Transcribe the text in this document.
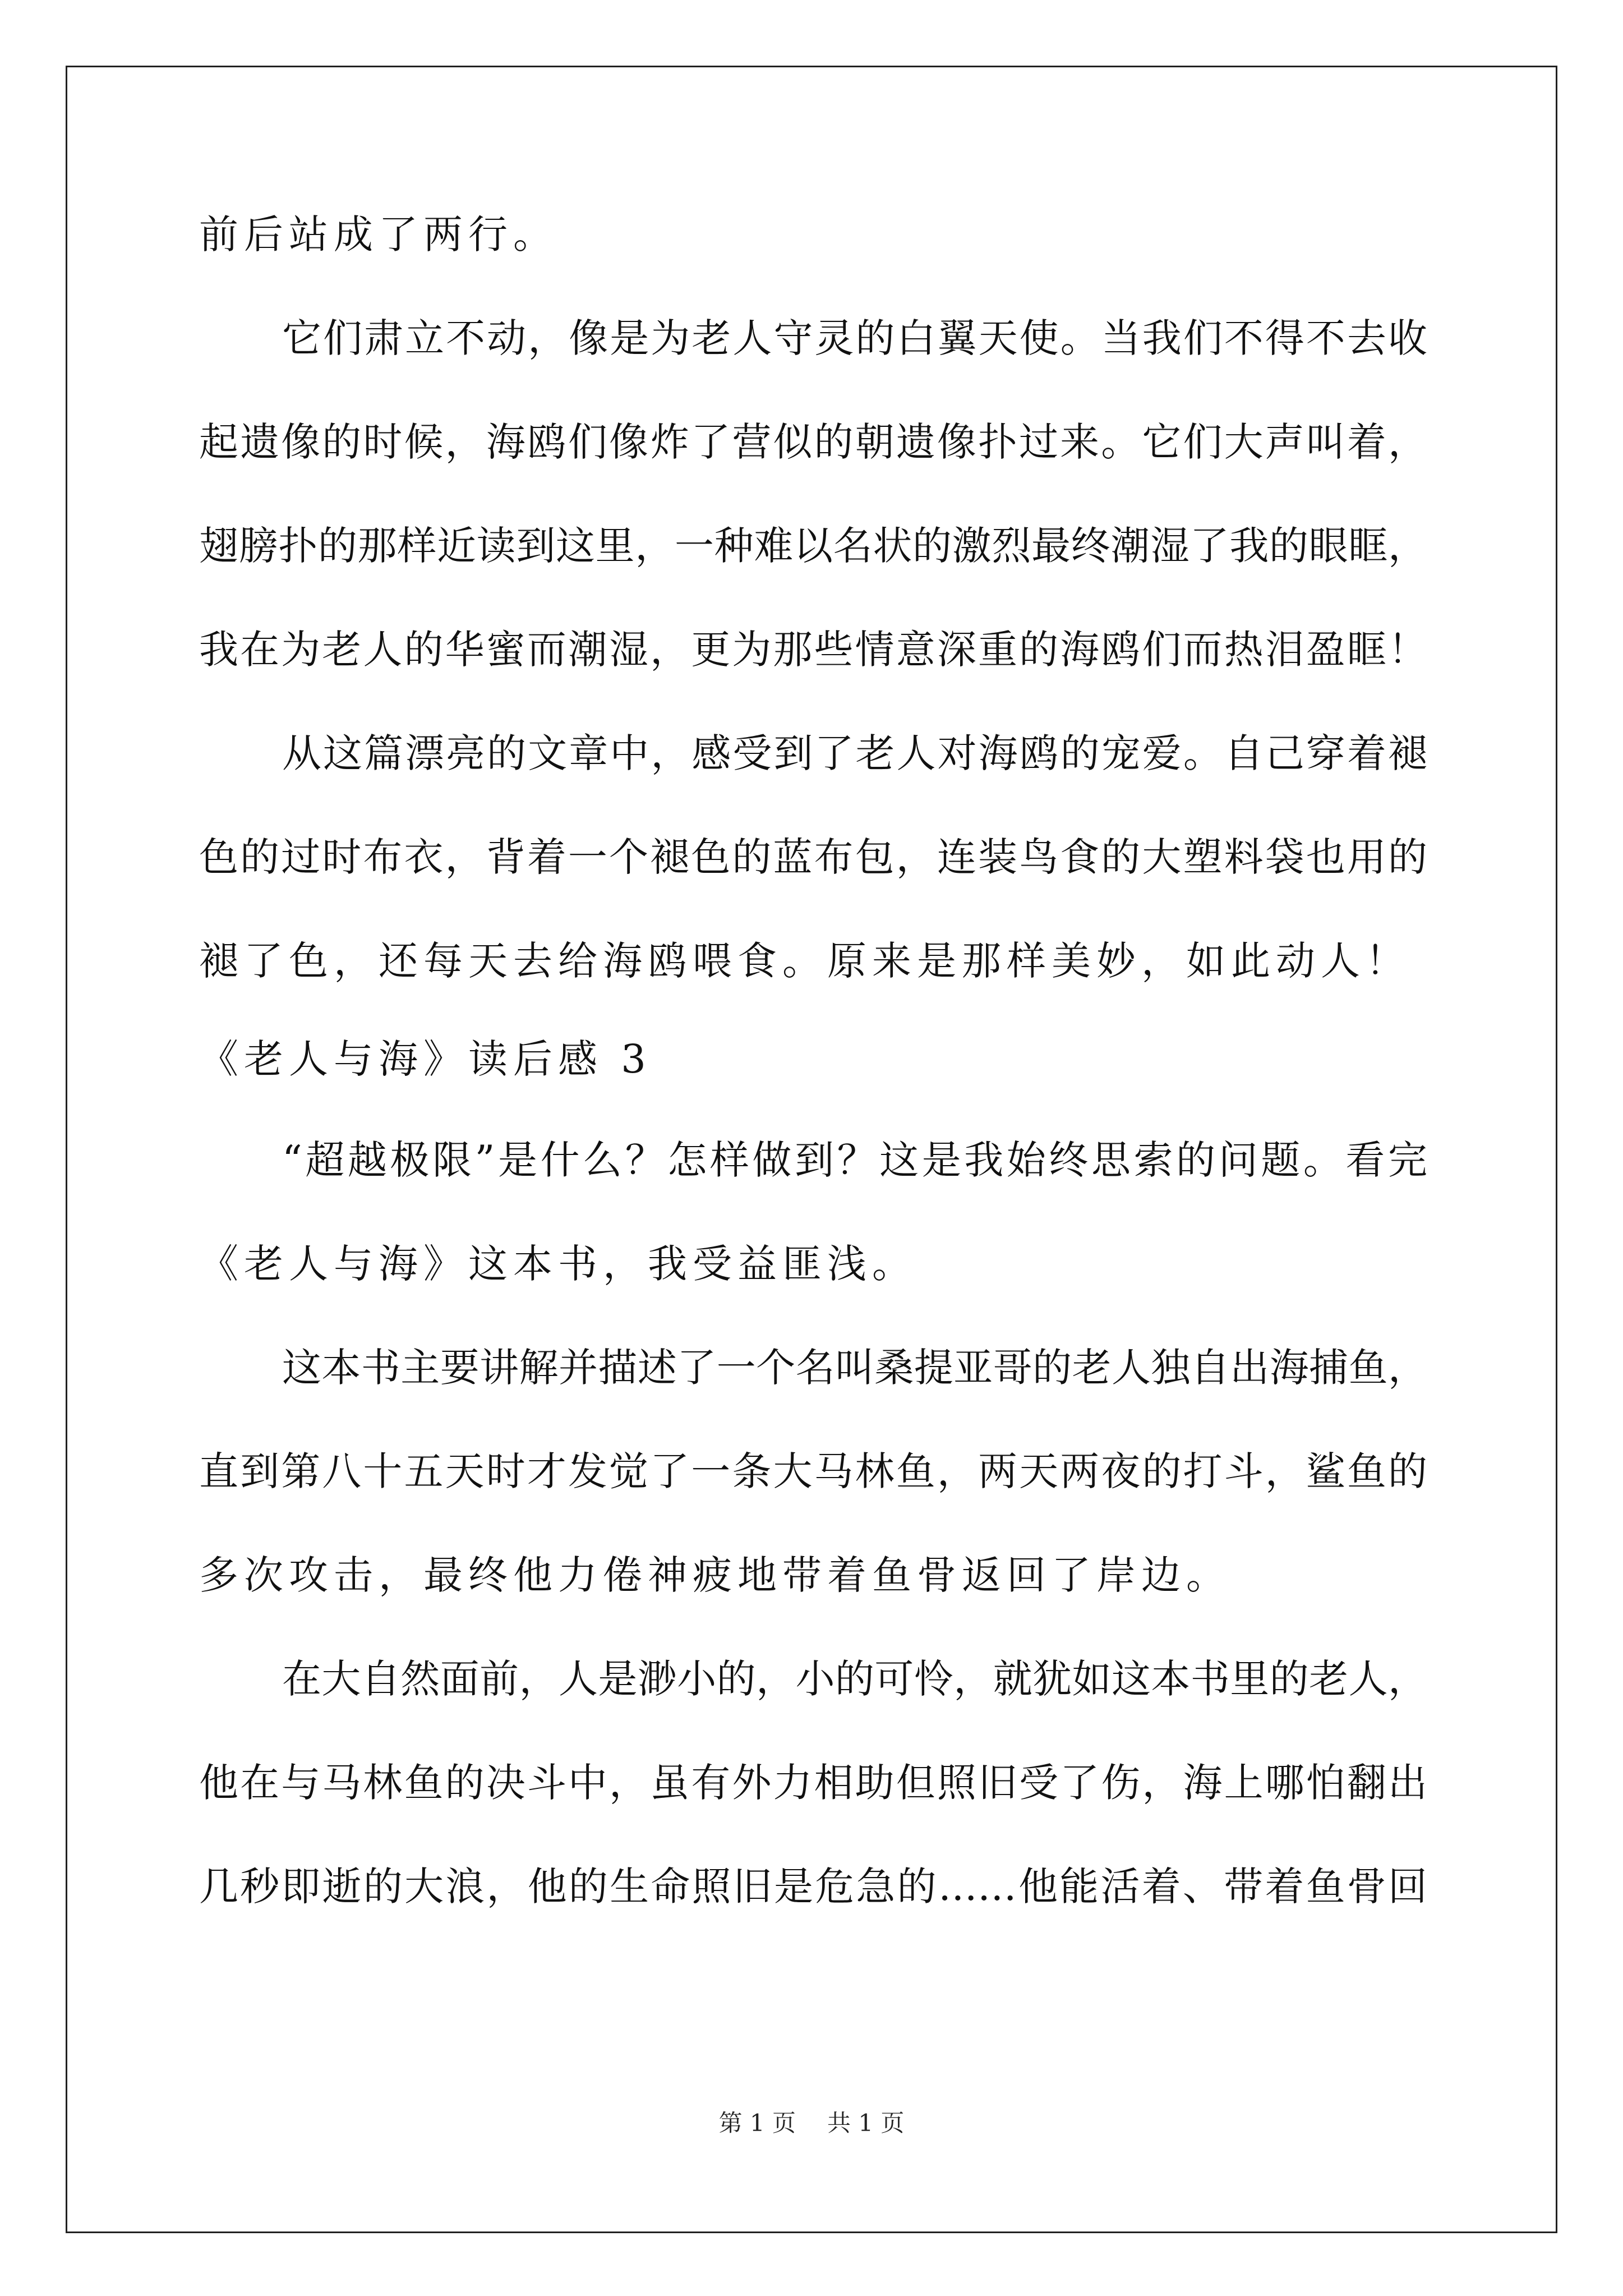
前后站成了两行。
它们肃立不动，像是为老人守灵的白翼天使。当我们不得不去收
起遗像的时候，海鸥们像炸了营似的朝遗像扑过来。它们大声叫着，
翅膀扑的那样近读到这里，一种难以名状的激烈最终潮湿了我的眼眶，
我在为老人的华蜜而潮湿，更为那些情意深重的海鸥们而热泪盈眶！
从这篇漂亮的文章中，感受到了老人对海鸥的宠爱。自己穿着褪
色的过时布衣，背着一个褪色的蓝布包，连装鸟食的大塑料袋也用的
褪了色，还每天去给海鸥喂食。原来是那样美妙，如此动人！
《老人与海》读后感 3
“超越极限”是什么？怎样做到？这是我始终思索的问题。看完
《老人与海》这本书，我受益匪浅。
这本书主要讲解并描述了一个名叫桑提亚哥的老人独自出海捕鱼，
直到第八十五天时才发觉了一条大马林鱼，两天两夜的打斗，鲨鱼的
多次攻击，最终他力倦神疲地带着鱼骨返回了岸边。
在大自然面前，人是渺小的，小的可怜，就犹如这本书里的老人，
他在与马林鱼的决斗中，虽有外力相助但照旧受了伤，海上哪怕翻出
几秒即逝的大浪，他的生命照旧是危急的……他能活着、带着鱼骨回
第 1 页 共 1 页
